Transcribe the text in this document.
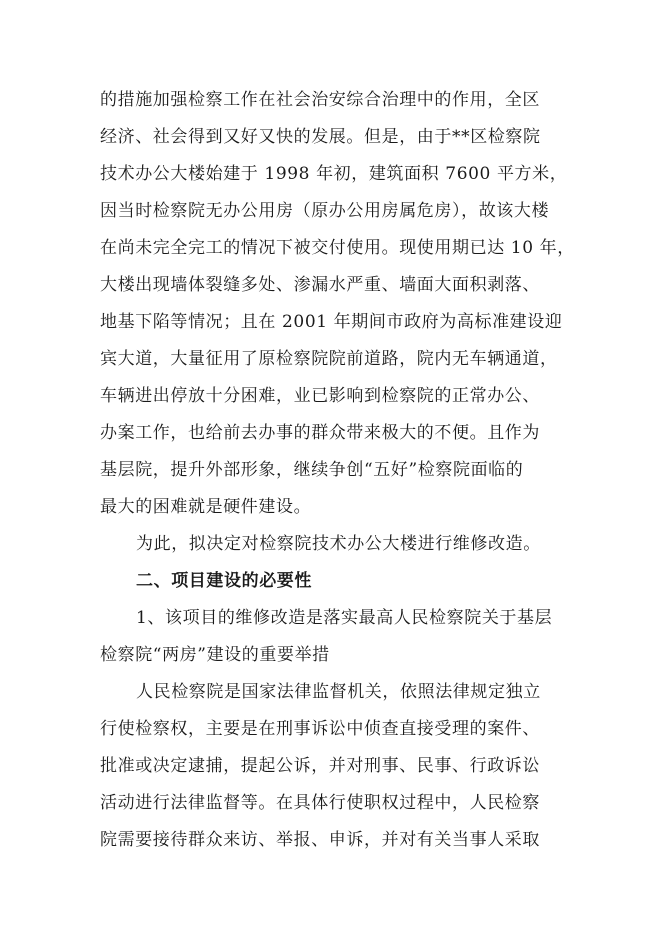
的措施加强检察工作在社会治安综合治理中的作用，全区

经济、社会得到又好又快的发展。但是，由于**区检察院

技术办公大楼始建于 1998 年初，建筑面积 7600 平方米，

因当时检察院无办公用房（原办公用房属危房），故该大楼

在尚未完全完工的情况下被交付使用。现使用期已达 10 年，

大楼出现墙体裂缝多处、渗漏水严重、墙面大面积剥落、

地基下陷等情况；且在 2001 年期间市政府为高标准建设迎

宾大道，大量征用了原检察院院前道路，院内无车辆通道，

车辆进出停放十分困难，业已影响到检察院的正常办公、

办案工作，也给前去办事的群众带来极大的不便。且作为

基层院，提升外部形象，继续争创“五好”检察院面临的

最大的困难就是硬件建设。

为此，拟决定对检察院技术办公大楼进行维修改造。

二、项目建设的必要性

1、该项目的维修改造是落实最高人民检察院关于基层

检察院“两房”建设的重要举措

人民检察院是国家法律监督机关，依照法律规定独立

行使检察权，主要是在刑事诉讼中侦查直接受理的案件、

批准或决定逮捕，提起公诉，并对刑事、民事、行政诉讼

活动进行法律监督等。在具体行使职权过程中，人民检察

院需要接待群众来访、举报、申诉，并对有关当事人采取
